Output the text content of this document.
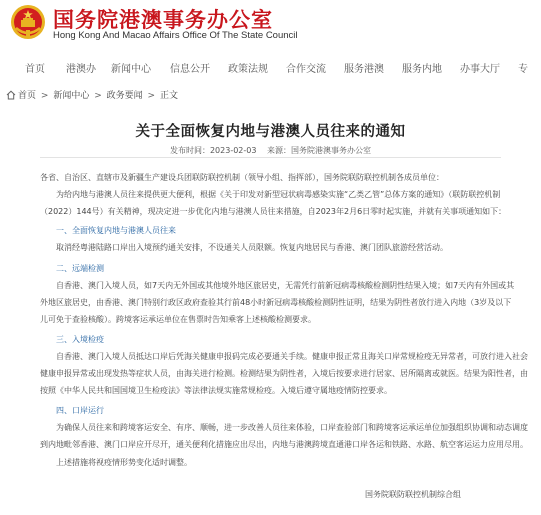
国务院港澳事务办公室
Hong Kong And Macao Affairs Office Of The State Council
首页 港澳办 新闻中心 信息公开 政策法规 合作交流 服务港澳 服务内地 办事大厅 专
首页 > 新闻中心 > 政务要闻 > 正文
关于全面恢复内地与港澳人员往来的通知
发布时间：2023-02-03 来源：国务院港澳事务办公室
各省、自治区、直辖市及新疆生产建设兵团联防联控机制（领导小组、指挥部），国务院联防联控机制各成员单位：
为给内地与港澳人员往来提供更大便利，根据《关于印发对新型冠状病毒感染实施“乙类乙管”总体方案的通知》（联防联控机制
（2022）144号）有关精神，现决定进一步优化内地与港澳人员往来措施，自2023年2月6日零时起实施，并就有关事项通知如下：
一、全面恢复内地与港澳人员往来
取消经粤港陆路口岸出入境预约通关安排，不设通关人员限额。恢复内地居民与香港、澳门团队旅游经营活动。
二、远端检测
自香港、澳门入境人员，如7天内无外国或其他境外地区旅居史，无需凭行前新冠病毒核酸检测阴性结果入境；如7天内有外国或其
外地区旅居史，由香港、澳门特别行政区政府查验其行前48小时新冠病毒核酸检测阴性证明，结果为阴性者放行进入内地（3岁及以下
儿可免于查验核酸）。跨境客运承运单位在售票时告知乘客上述核酸检测要求。
三、入境检疫
自香港、澳门入境人员抵达口岸后凭海关健康申报码完成必要通关手续。健康申报正常且海关口岸常规检疫无异常者，可放行进入社会
健康申报异常或出现发热等症状人员，由海关进行检测。检测结果为阴性者，入境后按要求进行居家、居所隔离或就医。结果为阳性者，由
按照《中华人民共和国国境卫生检疫法》等法律法规实施常规检疫。入境后遵守属地疫情防控要求。
四、口岸运行
为确保人员往来和跨境客运安全、有序、顺畅，进一步改善人员往来体验，口岸查验部门和跨境客运承运单位加强组织协调和动态调度
到内地毗邻香港、澳门口岸应开尽开，通关便利化措施应出尽出，内地与港澳跨境直通港口岸各运和铁路、水路、航空客运运力应用尽用。
上述措施将视疫情形势变化适时调整。
国务院联防联控机制综合组
